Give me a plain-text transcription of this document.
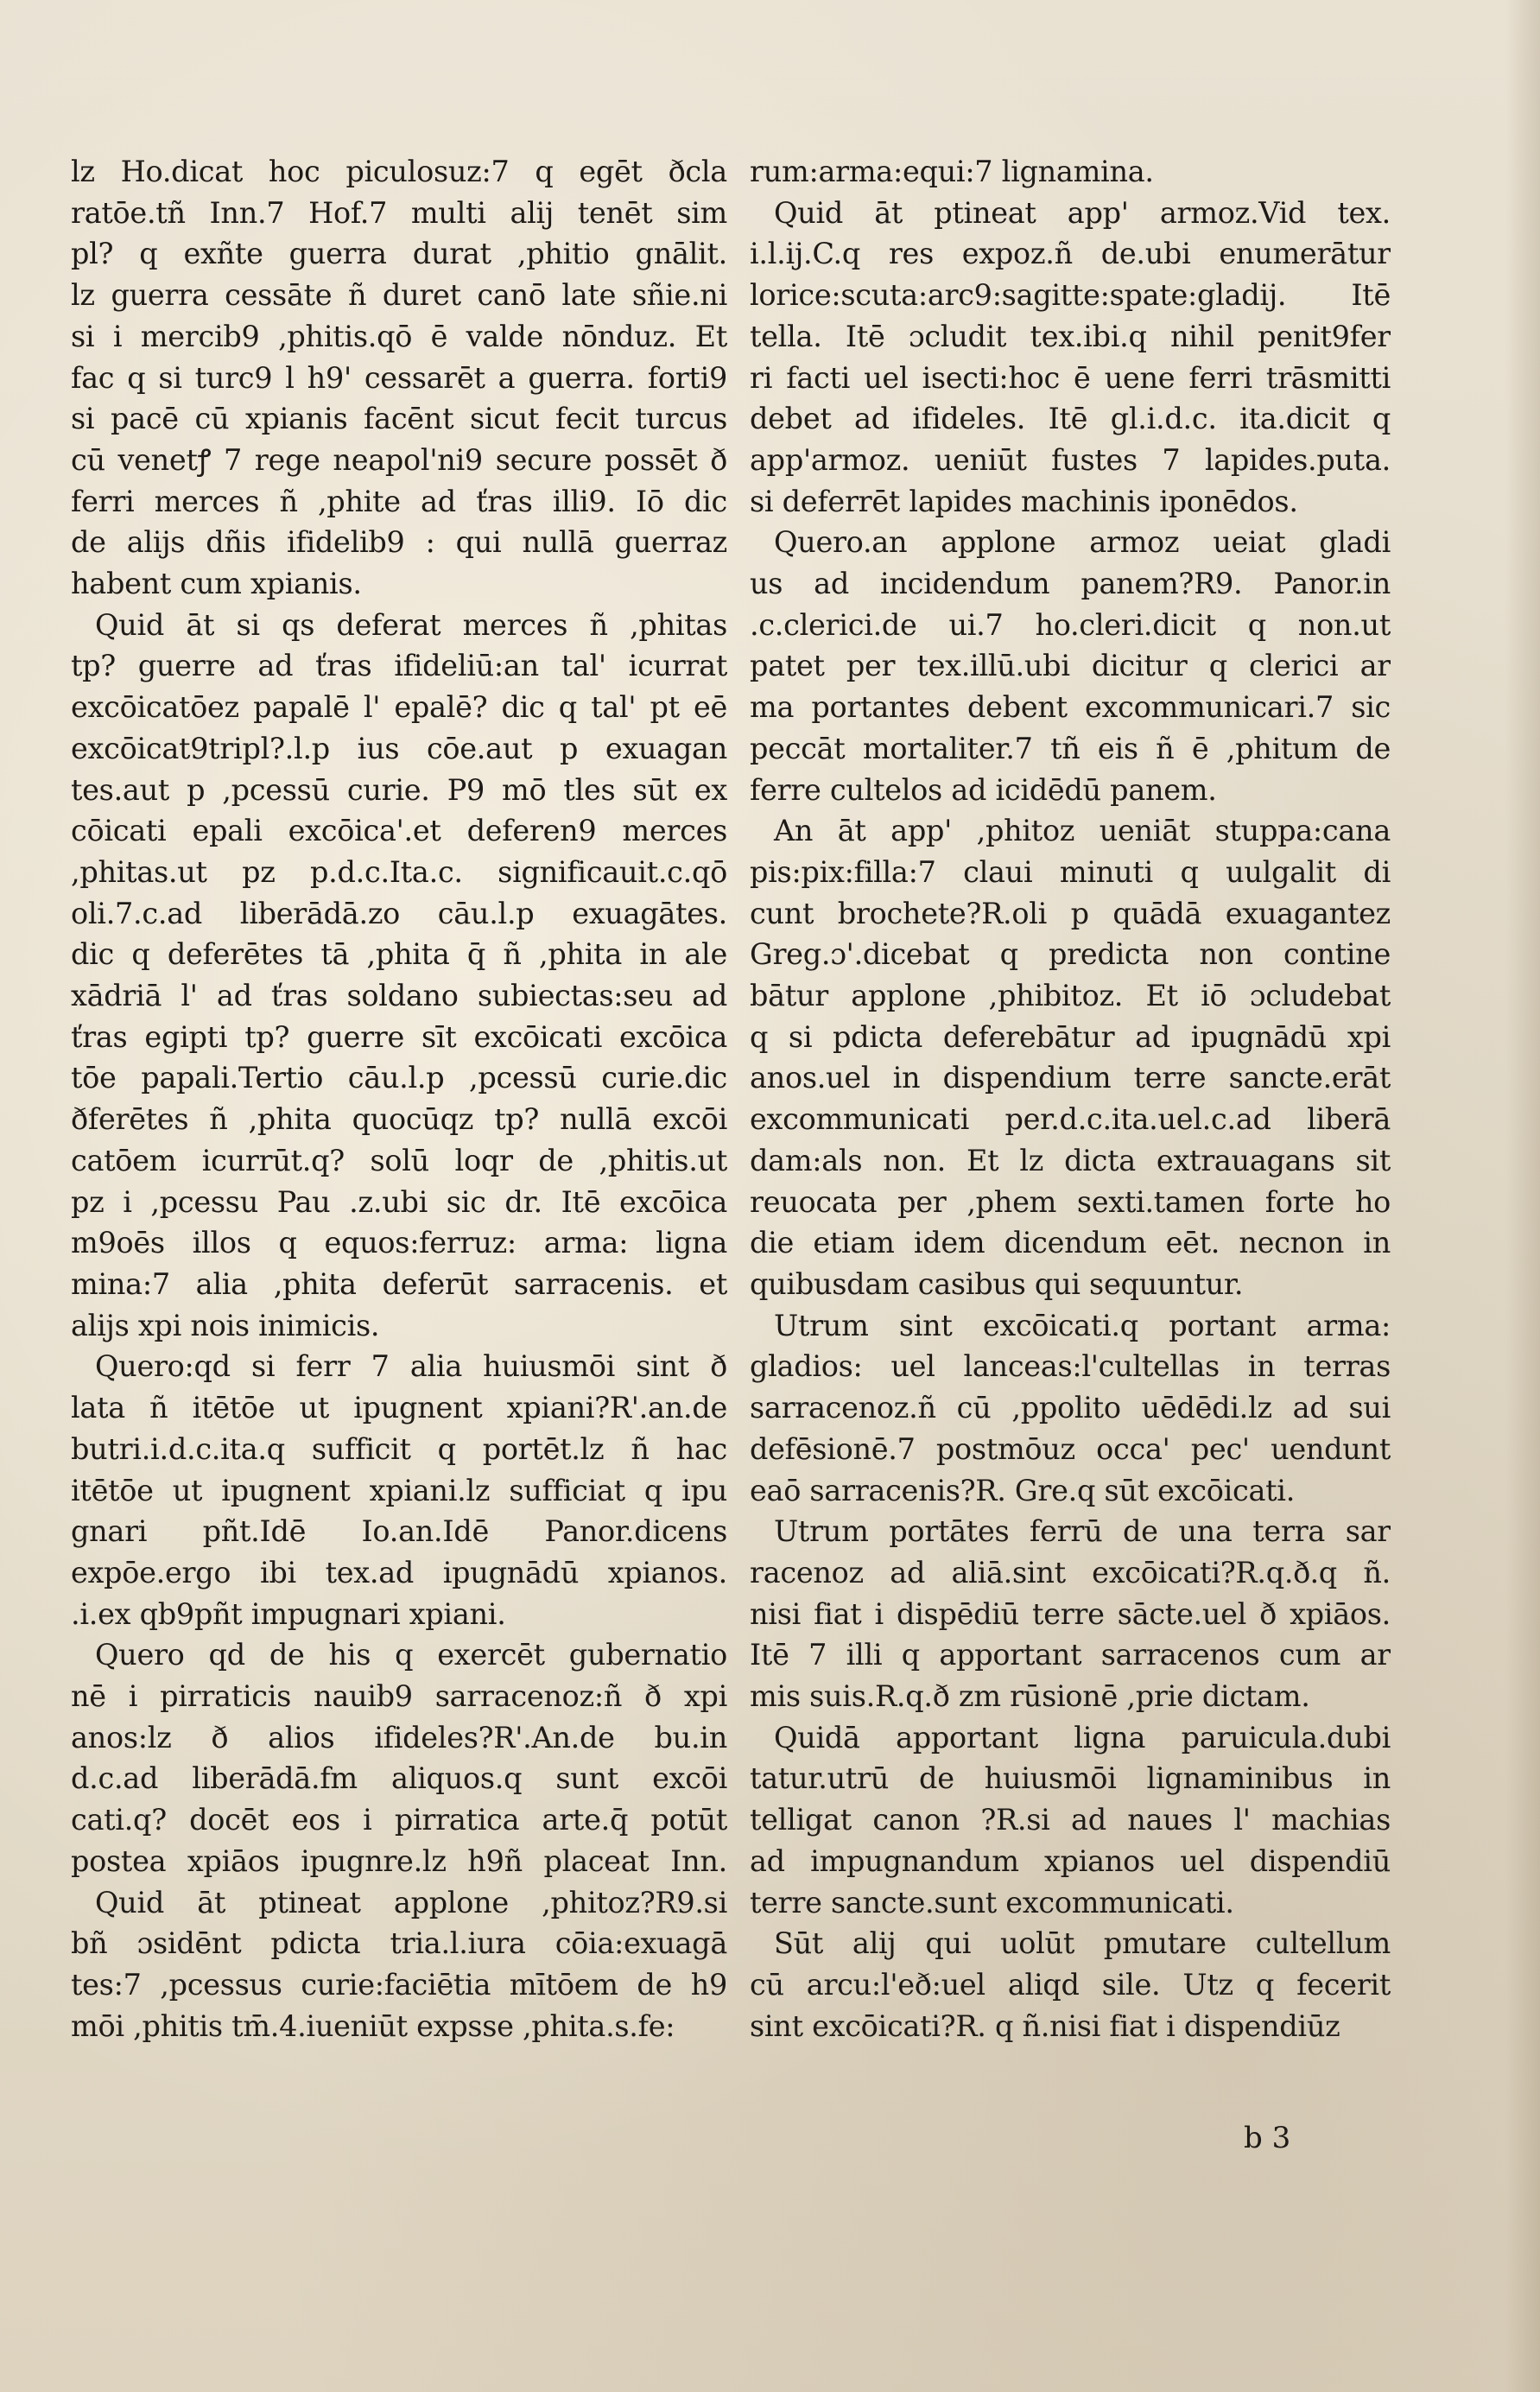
lz Ho.dicat hoc piculosuz:7 q egēt ðcla
ratōe.tñ Inn.7 Hof.7 multi alij tenēt sim
pl? q exñte guerra durat ,phitio gnālit.
lz guerra cessāte ñ duret canō late sñie.ni
si i mercib9 ,phitis.qō ē valde nōnduz. Et
fac q si turc9 l h9' cessarēt a guerra. forti9
si pacē cū xpianis facēnt sicut fecit turcus
cū venetꝭ 7 rege neapol'ni9 secure possēt ð
ferri merces ñ ,phite ad ťras illi9. Iō dic
de alijs dñis ifidelib9 : qui nullā guerraz
habent cum xpianis.
Quid āt si qs deferat merces ñ ,phitas
tp? guerre ad ťras ifideliū:an tal' icurrat
excōicatōez papalē l' epalē? dic q tal' pt eē
excōicat9tripl?.l.p ius cōe.aut p exuagan
tes.aut p ,pcessū curie. P9 mō tles sūt ex
cōicati epali excōica'.et deferen9 merces
,phitas.ut pz p.d.c.Ita.c. significauit.c.qō
oli.7.c.ad liberādā.zo cāu.l.p exuagātes.
dic q deferētes tā ,phita q̄ ñ ,phita in ale
xādriā l' ad ťras soldano subiectas:seu ad
ťras egipti tp? guerre sīt excōicati excōica
tōe papali.Tertio cāu.l.p ,pcessū curie.dic
ðferētes ñ ,phita quocūqz tp? nullā excōi
catōem icurrūt.q? solū loqr de ,phitis.ut
pz i ,pcessu Pau .z.ubi sic dr. Itē excōica
m9oēs illos q equos:ferruz: arma: ligna
mina:7 alia ,phita deferūt sarracenis. et
alijs xpi nois inimicis.
Quero:qd si ferr 7 alia huiusmōi sint ð
lata ñ itētōe ut ipugnent xpiani?R'.an.de
butri.i.d.c.ita.q sufficit q portēt.lz ñ hac
itētōe ut ipugnent xpiani.lz sufficiat q ipu
gnari pñt.Idē Io.an.Idē Panor.dicens
expōe.ergo ibi tex.ad ipugnādū xpianos.
.i.ex qb9pñt impugnari xpiani.
Quero qd de his q exercēt gubernatio
nē i pirraticis nauib9 sarracenoz:ñ ð xpi
anos:lz ð alios ifideles?R'.An.de bu.in
d.c.ad liberādā.fm aliquos.q sunt excōi
cati.q? docēt eos i pirratica arte.q̄ potūt
postea xpiāos ipugnre.lz h9ñ placeat Inn.
Quid āt ptineat applone ,phitoz?R9.si
bñ ɔsidēnt pdicta tria.l.iura cōia:exuagā
tes:7 ,pcessus curie:faciētia mītōem de h9
mōi ,phitis tm̄.4.iueniūt expsse ,phita.s.fe:
rum:arma:equi:7 lignamina.
Quid āt ptineat app' armoz.Vid tex.
i.l.ij.C.q res expoz.ñ de.ubi enumerātur
lorice:scuta:arc9:sagitte:spate:gladij. Itē
tella. Itē ɔcludit tex.ibi.q nihil penit9fer
ri facti uel isecti:hoc ē uene ferri trāsmitti
debet ad ifideles. Itē gl.i.d.c. ita.dicit q
app'armoz. ueniūt fustes 7 lapides.puta.
si deferrēt lapides machinis iponēdos.
Quero.an applone armoz ueiat gladi
us ad incidendum panem?R9. Panor.in
.c.clerici.de ui.7 ho.cleri.dicit q non.ut
patet per tex.illū.ubi dicitur q clerici ar
ma portantes debent excommunicari.7 sic
peccāt mortaliter.7 tñ eis ñ ē ,phitum de
ferre cultelos ad icidēdū panem.
An āt app' ,phitoz ueniāt stuppa:cana
pis:pix:filla:7 claui minuti q uulgalit di
cunt brochete?R.oli p quādā exuagantez
Greg.ɔ'.dicebat q predicta non contine
bātur applone ,phibitoz. Et iō ɔcludebat
q si pdicta deferebātur ad ipugnādū xpi
anos.uel in dispendium terre sancte.erāt
excommunicati per.d.c.ita.uel.c.ad liberā
dam:als non. Et lz dicta extrauagans sit
reuocata per ,phem sexti.tamen forte ho
die etiam idem dicendum eēt. necnon in
quibusdam casibus qui sequuntur.
Utrum sint excōicati.q portant arma:
gladios: uel lanceas:l'cultellas in terras
sarracenoz.ñ cū ,ppolito uēdēdi.lz ad sui
defēsionē.7 postmōuz occa' pec' uendunt
eaō sarracenis?R. Gre.q sūt excōicati.
Utrum portātes ferrū de una terra sar
racenoz ad aliā.sint excōicati?R.q.ð.q ñ.
nisi fiat i dispēdiū terre sācte.uel ð xpiāos.
Itē 7 illi q apportant sarracenos cum ar
mis suis.R.q.ð zm rūsionē ,prie dictam.
Quidā apportant ligna paruicula.dubi
tatur.utrū de huiusmōi lignaminibus in
telligat canon ?R.si ad naues l' machias
ad impugnandum xpianos uel dispendiū
terre sancte.sunt excommunicati.
Sūt alij qui uolūt pmutare cultellum
cū arcu:l'eð:uel aliqd sile. Utz q fecerit
sint excōicati?R. q ñ.nisi fiat i dispendiūz
b 3
